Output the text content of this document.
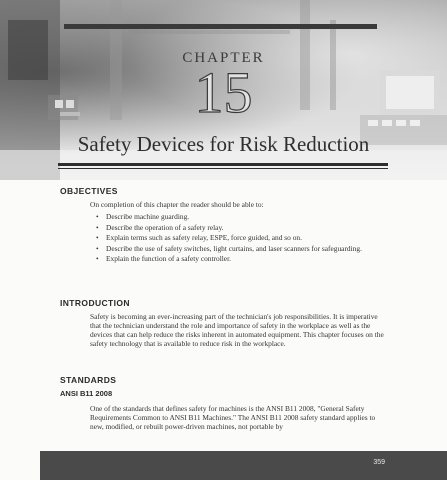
CHAPTER
15
Safety Devices for Risk Reduction
OBJECTIVES

On completion of this chapter the reader should be able to:

• Describe machine guarding.
• Describe the operation of a safety relay.
• Explain terms such as safety relay, ESPE, force guided, and so on.
• Describe the use of safety switches, light curtains, and laser scanners for safeguarding.
• Explain the function of a safety controller.
INTRODUCTION

Safety is becoming an ever-increasing part of the technician's job responsibilities. It is imperative that the technician understand the role and importance of safety in the workplace as well as the devices that can help reduce the risks inherent in automated equipment. This chapter focuses on the safety technology that is available to reduce risk in the workplace.

STANDARDS
ANSI B11 2008

One of the standards that defines safety for machines is the ANSI B11 2008, "General Safety Requirements Common to ANSI B11 Machines." The ANSI B11 2008 safety standard applies to new, modified, or rebuilt power-driven machines, not portable by

359
